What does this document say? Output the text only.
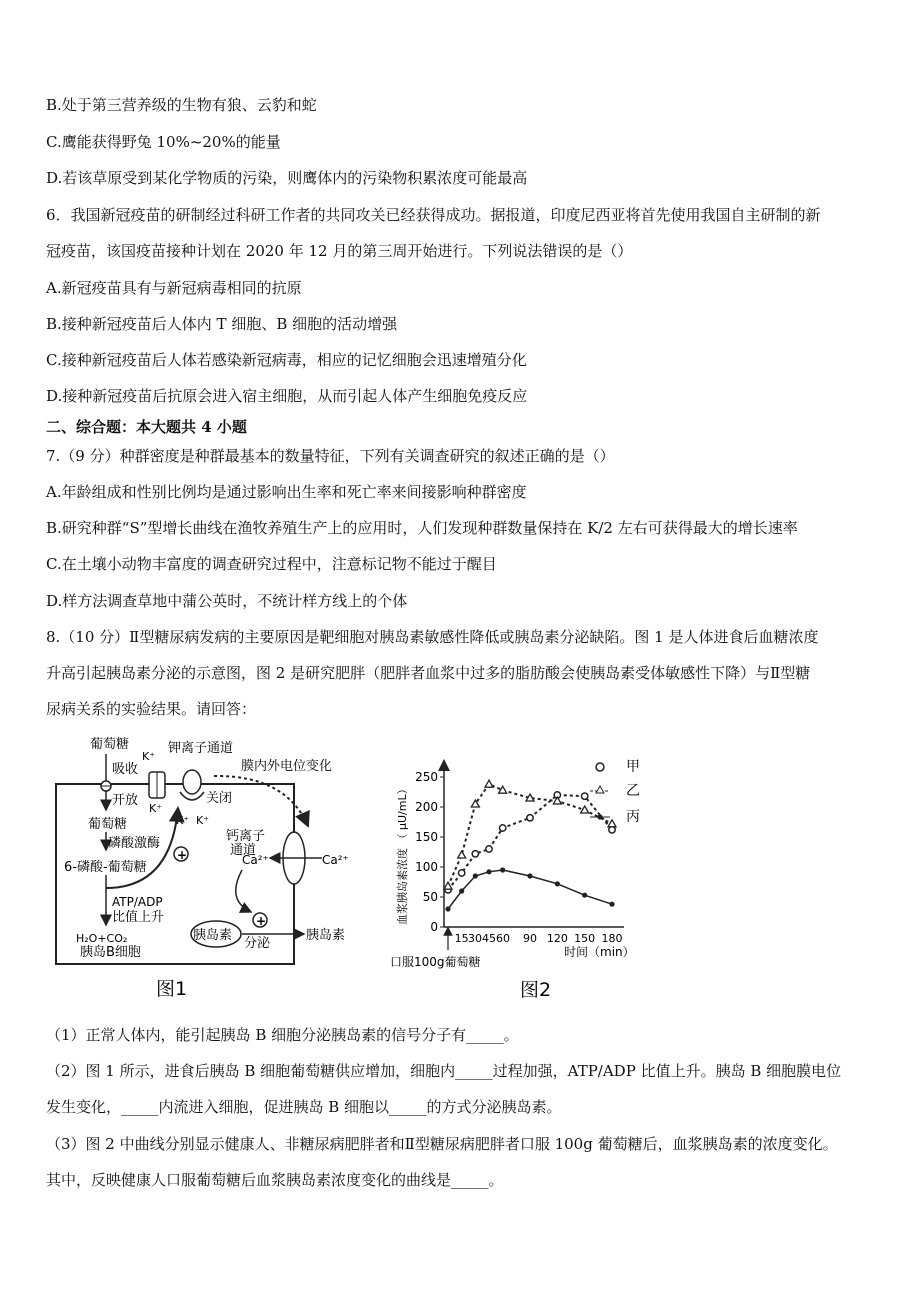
B.处于第三营养级的生物有狼、云豹和蛇
C.鹰能获得野兔 10%~20%的能量
D.若该草原受到某化学物质的污染，则鹰体内的污染物积累浓度可能最高
6．我国新冠疫苗的研制经过科研工作者的共同攻关已经获得成功。据报道，印度尼西亚将首先使用我国自主研制的新
冠疫苗，该国疫苗接种计划在 2020 年 12 月的第三周开始进行。下列说法错误的是（）
A.新冠疫苗具有与新冠病毒相同的抗原
B.接种新冠疫苗后人体内 T 细胞、B 细胞的活动增强
C.接种新冠疫苗后人体若感染新冠病毒，相应的记忆细胞会迅速增殖分化
D.接种新冠疫苗后抗原会进入宿主细胞，从而引起人体产生细胞免疫反应
二、综合题：本大题共 4 小题
7.（9 分）种群密度是种群最基本的数量特征，下列有关调查研究的叙述正确的是（）
A.年龄组成和性别比例均是通过影响出生率和死亡率来间接影响种群密度
B.研究种群“S”型增长曲线在渔牧养殖生产上的应用时，人们发现种群数量保持在 K/2 左右可获得最大的增长速率
C.在土壤小动物丰富度的调查研究过程中，注意标记物不能过于醒目
D.样方法调查草地中蒲公英时，不统计样方线上的个体
8.（10 分）Ⅱ型糖尿病发病的主要原因是靶细胞对胰岛素敏感性降低或胰岛素分泌缺陷。图 1 是人体进食后血糖浓度
升高引起胰岛素分泌的示意图，图 2 是研究肥胖（肥胖者血浆中过多的脂肪酸会使胰岛素受体敏感性下降）与Ⅱ型糖
尿病关系的实验结果。请回答：
葡萄糖
吸收
钾离子通道
K⁺
K⁺
关闭
K⁺ K⁺
膜内外电位变化
开放
葡萄糖
磷酸激酶
6-磷酸-葡萄糖
+
ATP/ADP
比值上升
H₂O+CO₂
胰岛B细胞
钙离子
通道
Ca²⁺	Ca²⁺
+
胰岛素
分泌
胰岛素
图1
血浆胰岛素浓度 （ μU/mL）
0
50
100
150
200
250
15 304560 90 120 150 180
口服100g葡萄糖
时间（min）
甲
乙
丙
图2
（1）正常人体内，能引起胰岛 B 细胞分泌胰岛素的信号分子有_____。
（2）图 1 所示，进食后胰岛 B 细胞葡萄糖供应增加，细胞内_____过程加强，ATP/ADP 比值上升。胰岛 B 细胞膜电位
发生变化，_____内流进入细胞，促进胰岛 B 细胞以_____的方式分泌胰岛素。
（3）图 2 中曲线分别显示健康人、非糖尿病肥胖者和Ⅱ型糖尿病肥胖者口服 100g 葡萄糖后，血浆胰岛素的浓度变化。
其中，反映健康人口服葡萄糖后血浆胰岛素浓度变化的曲线是_____。
